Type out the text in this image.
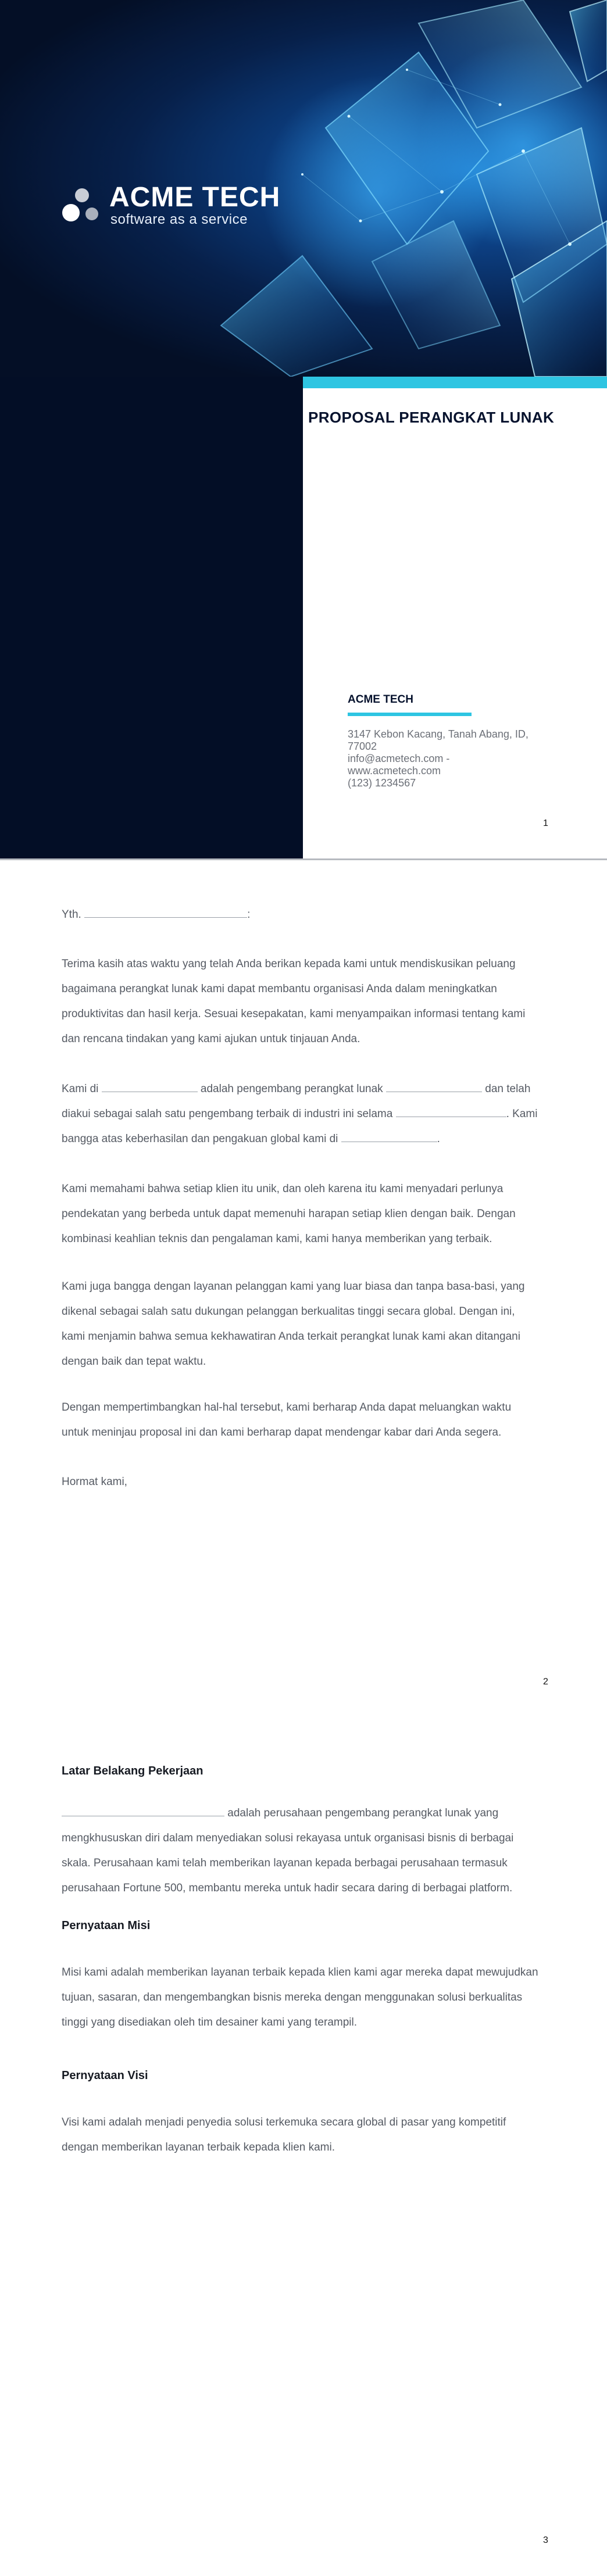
ACME TECH
software as a service
PROPOSAL PERANGKAT LUNAK
ACME TECH
3147 Kebon Kacang, Tanah Abang, ID,
77002
info@acmetech.com -
www.acmetech.com
(123) 1234567
1
Yth.	:

Terima kasih atas waktu yang telah Anda berikan kepada kami untuk mendiskusikan peluang bagaimana perangkat lunak kami dapat membantu organisasi Anda dalam meningkatkan produktivitas dan hasil kerja. Sesuai kesepakatan, kami menyampaikan informasi tentang kami dan rencana tindakan yang kami ajukan untuk tinjauan Anda.

Kami di	adalah pengembang perangkat lunak	dan telah diakui sebagai salah satu pengembang terbaik di industri ini selama	. Kami bangga atas keberhasilan dan pengakuan global kami di	.

Kami memahami bahwa setiap klien itu unik, dan oleh karena itu kami menyadari perlunya pendekatan yang berbeda untuk dapat memenuhi harapan setiap klien dengan baik. Dengan kombinasi keahlian teknis dan pengalaman kami, kami hanya memberikan yang terbaik.

Kami juga bangga dengan layanan pelanggan kami yang luar biasa dan tanpa basa-basi, yang dikenal sebagai salah satu dukungan pelanggan berkualitas tinggi secara global. Dengan ini, kami menjamin bahwa semua kekhawatiran Anda terkait perangkat lunak kami akan ditangani dengan baik dan tepat waktu.

Dengan mempertimbangkan hal-hal tersebut, kami berharap Anda dapat meluangkan waktu untuk meninjau proposal ini dan kami berharap dapat mendengar kabar dari Anda segera.

Hormat kami,
2
Latar Belakang Pekerjaan

adalah perusahaan pengembang perangkat lunak yang mengkhususkan diri dalam menyediakan solusi rekayasa untuk organisasi bisnis di berbagai skala. Perusahaan kami telah memberikan layanan kepada berbagai perusahaan termasuk perusahaan Fortune 500, membantu mereka untuk hadir secara daring di berbagai platform.

Pernyataan Misi

Misi kami adalah memberikan layanan terbaik kepada klien kami agar mereka dapat mewujudkan tujuan, sasaran, dan mengembangkan bisnis mereka dengan menggunakan solusi berkualitas tinggi yang disediakan oleh tim desainer kami yang terampil.

Pernyataan Visi

Visi kami adalah menjadi penyedia solusi terkemuka secara global di pasar yang kompetitif dengan memberikan layanan terbaik kepada klien kami.

3
